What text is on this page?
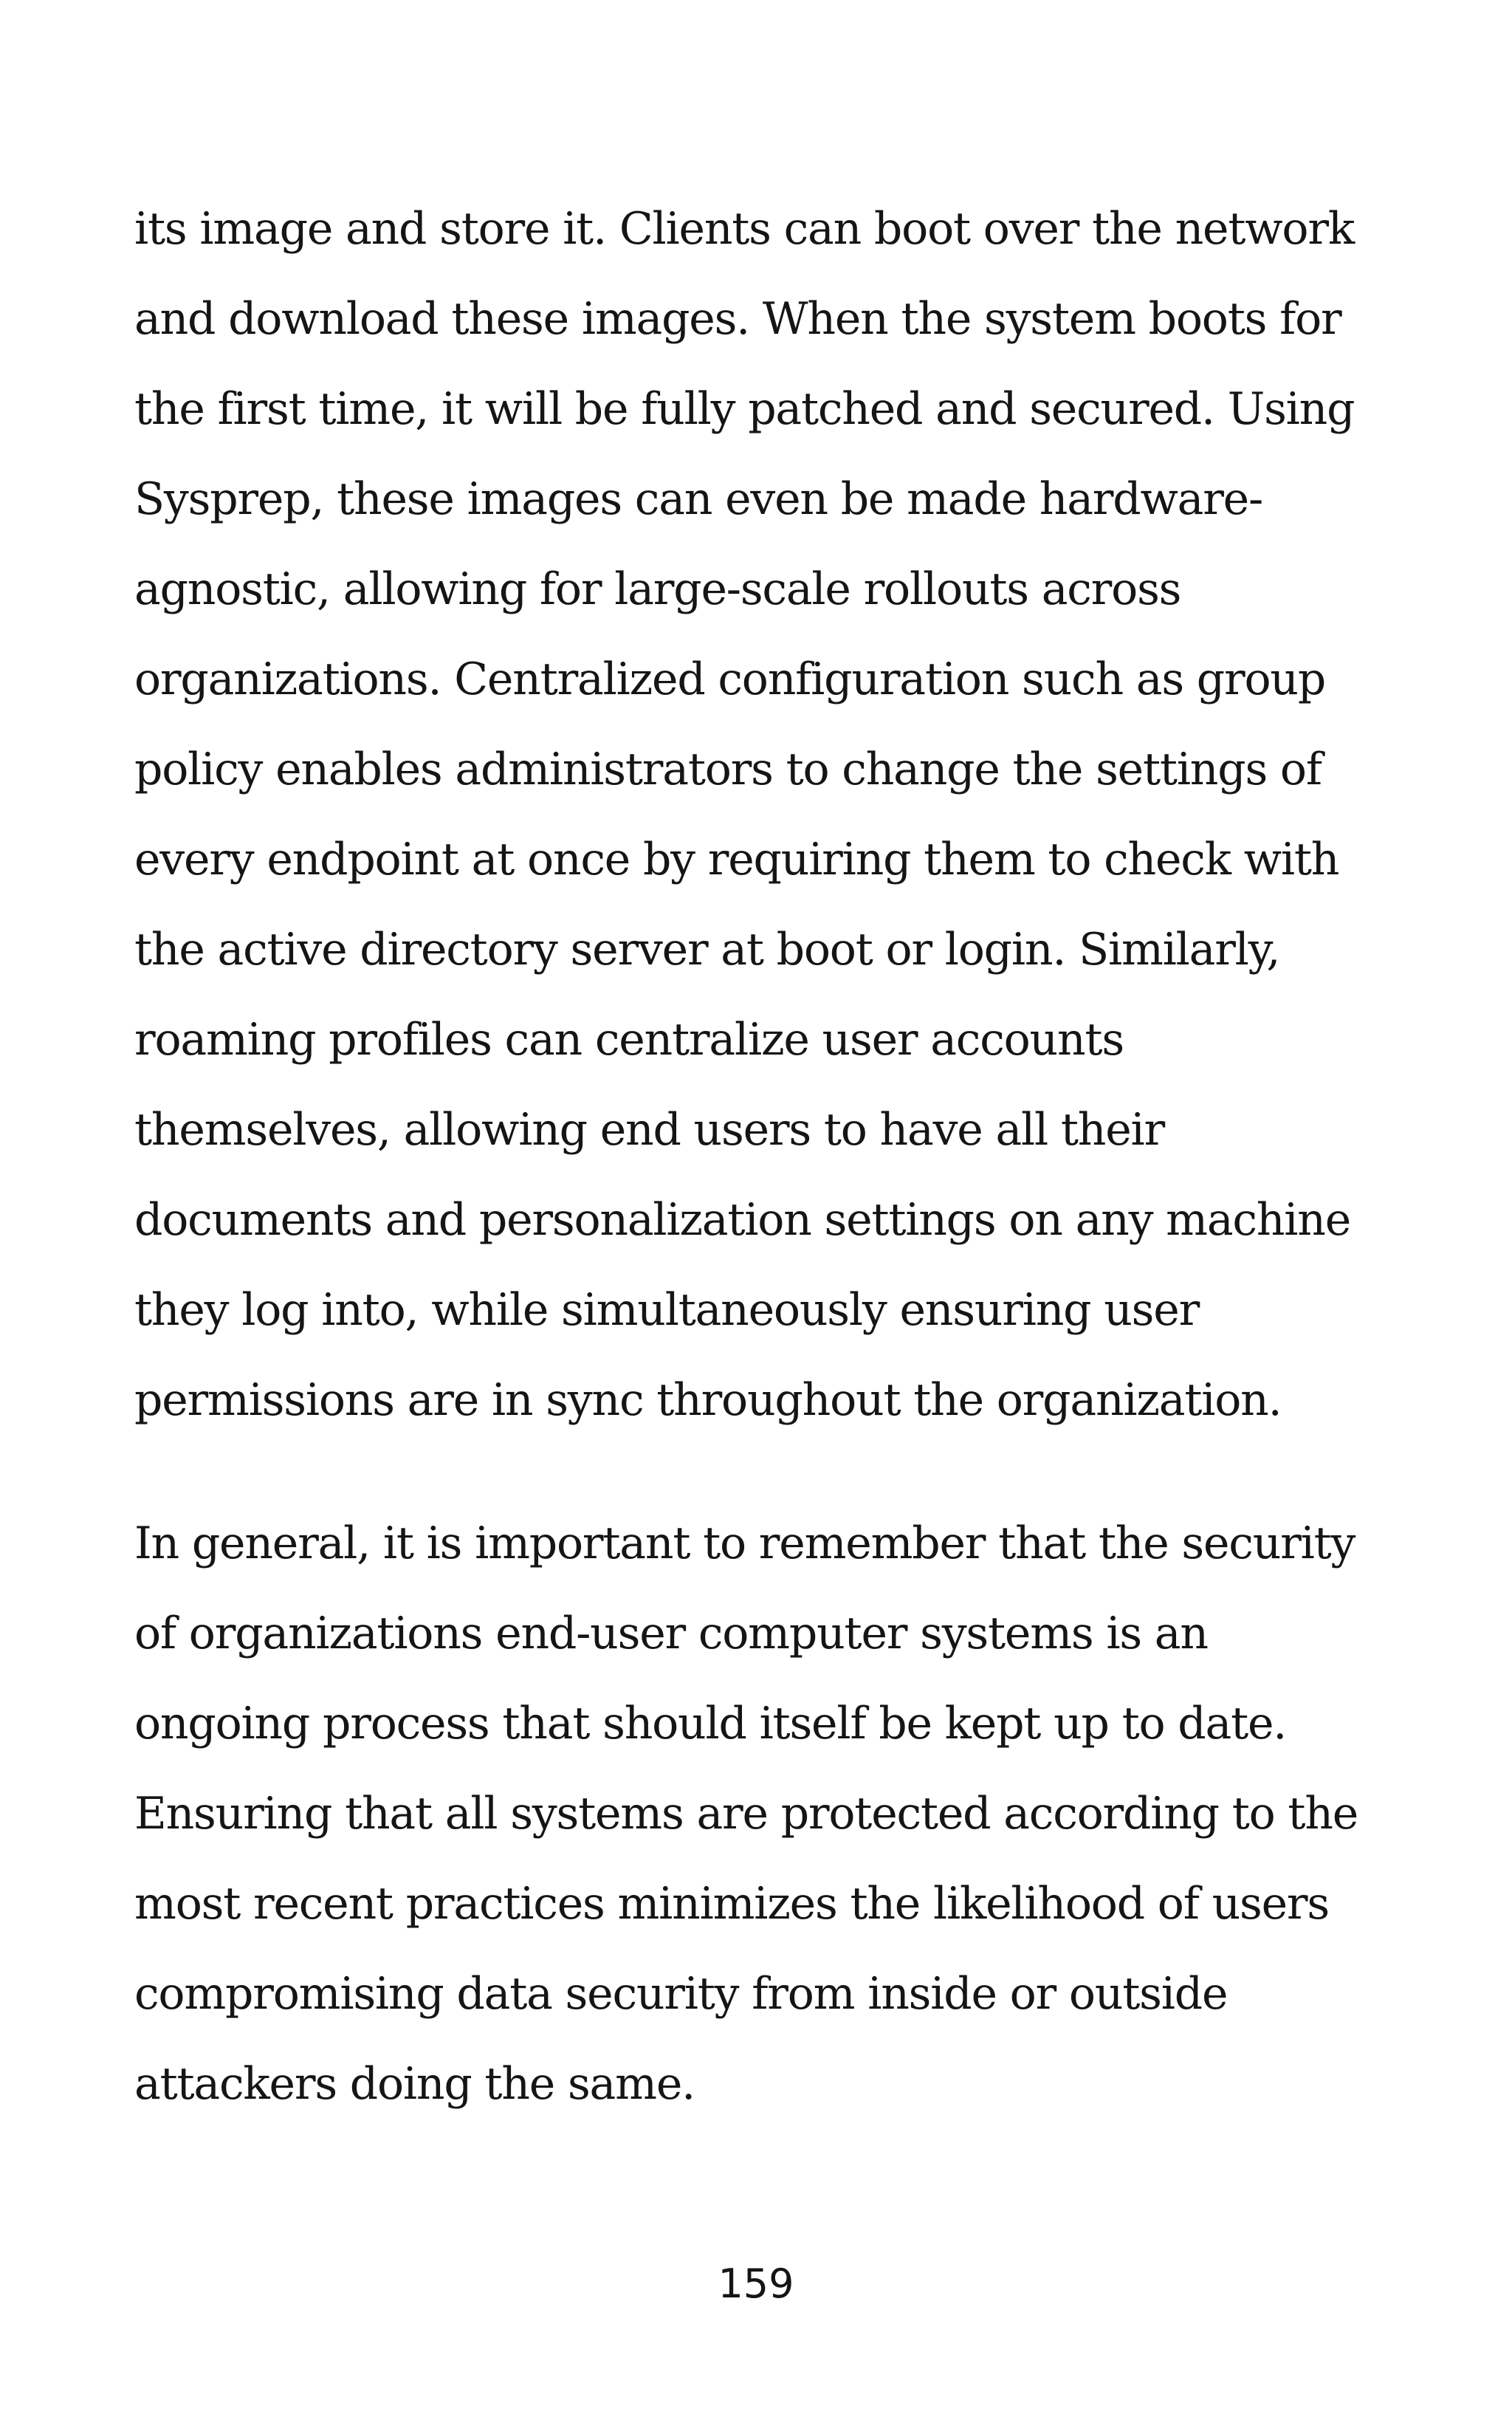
its image and store it. Clients can boot over the network
and download these images. When the system boots for
the first time, it will be fully patched and secured. Using
Sysprep, these images can even be made hardware-
agnostic, allowing for large-scale rollouts across
organizations. Centralized configuration such as group
policy enables administrators to change the settings of
every endpoint at once by requiring them to check with
the active directory server at boot or login. Similarly,
roaming profiles can centralize user accounts
themselves, allowing end users to have all their
documents and personalization settings on any machine
they log into, while simultaneously ensuring user
permissions are in sync throughout the organization.
In general, it is important to remember that the security
of organizations end-user computer systems is an
ongoing process that should itself be kept up to date.
Ensuring that all systems are protected according to the
most recent practices minimizes the likelihood of users
compromising data security from inside or outside
attackers doing the same.
159
